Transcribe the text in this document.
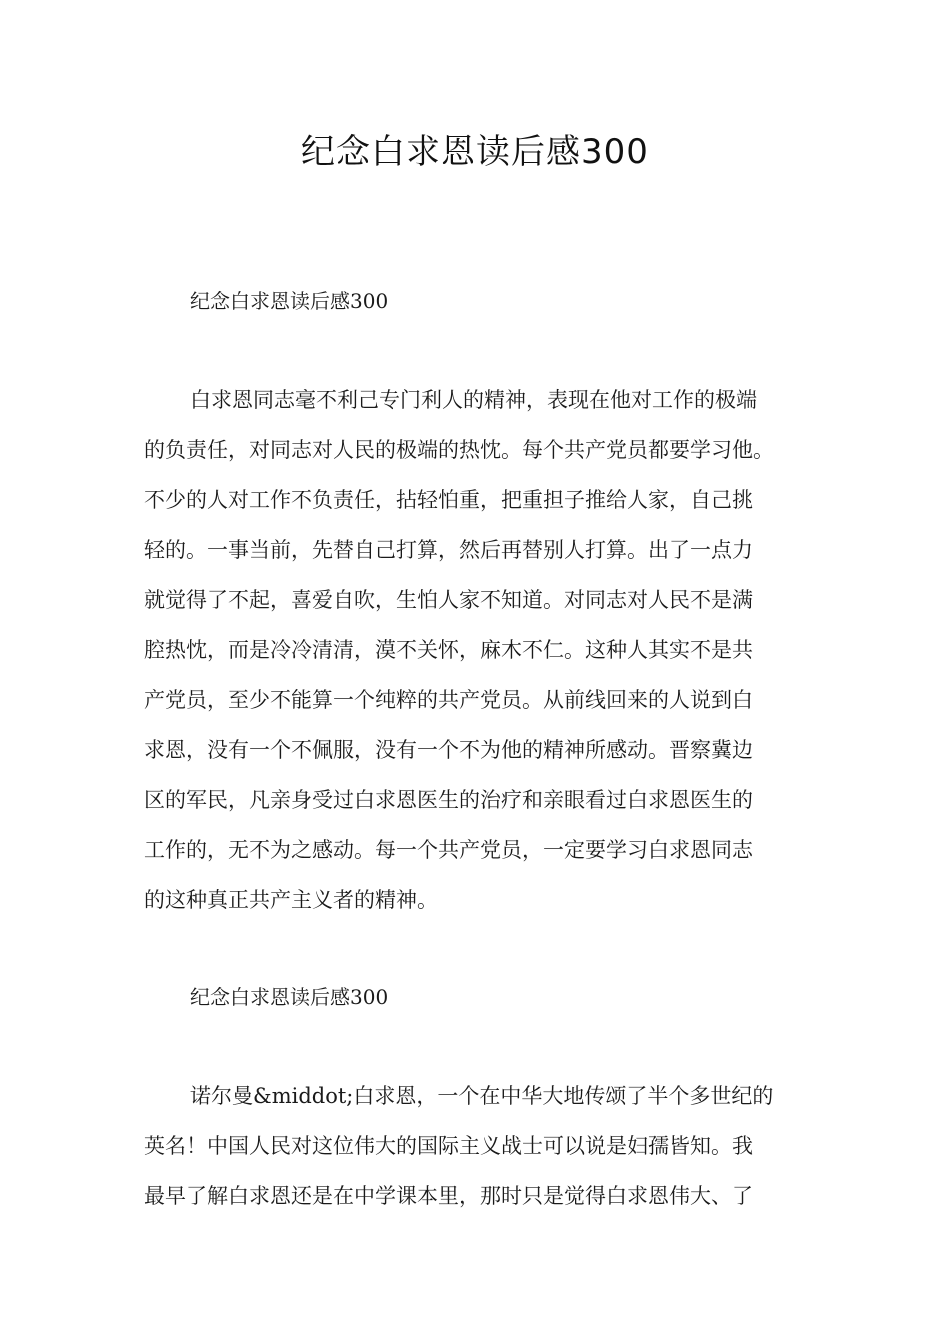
纪念白求恩读后感300
纪念白求恩读后感300
白求恩同志毫不利己专门利人的精神，表现在他对工作的极端
的负责任，对同志对人民的极端的热忱。每个共产党员都要学习他。
不少的人对工作不负责任，拈轻怕重，把重担子推给人家，自己挑
轻的。一事当前，先替自己打算，然后再替别人打算。出了一点力
就觉得了不起，喜爱自吹，生怕人家不知道。对同志对人民不是满
腔热忱，而是冷冷清清，漠不关怀，麻木不仁。这种人其实不是共
产党员，至少不能算一个纯粹的共产党员。从前线回来的人说到白
求恩，没有一个不佩服，没有一个不为他的精神所感动。晋察冀边
区的军民，凡亲身受过白求恩医生的治疗和亲眼看过白求恩医生的
工作的，无不为之感动。每一个共产党员，一定要学习白求恩同志
的这种真正共产主义者的精神。
纪念白求恩读后感300
诺尔曼&middot;白求恩，一个在中华大地传颂了半个多世纪的
英名！中国人民对这位伟大的国际主义战士可以说是妇孺皆知。我
最早了解白求恩还是在中学课本里，那时只是觉得白求恩伟大、了
